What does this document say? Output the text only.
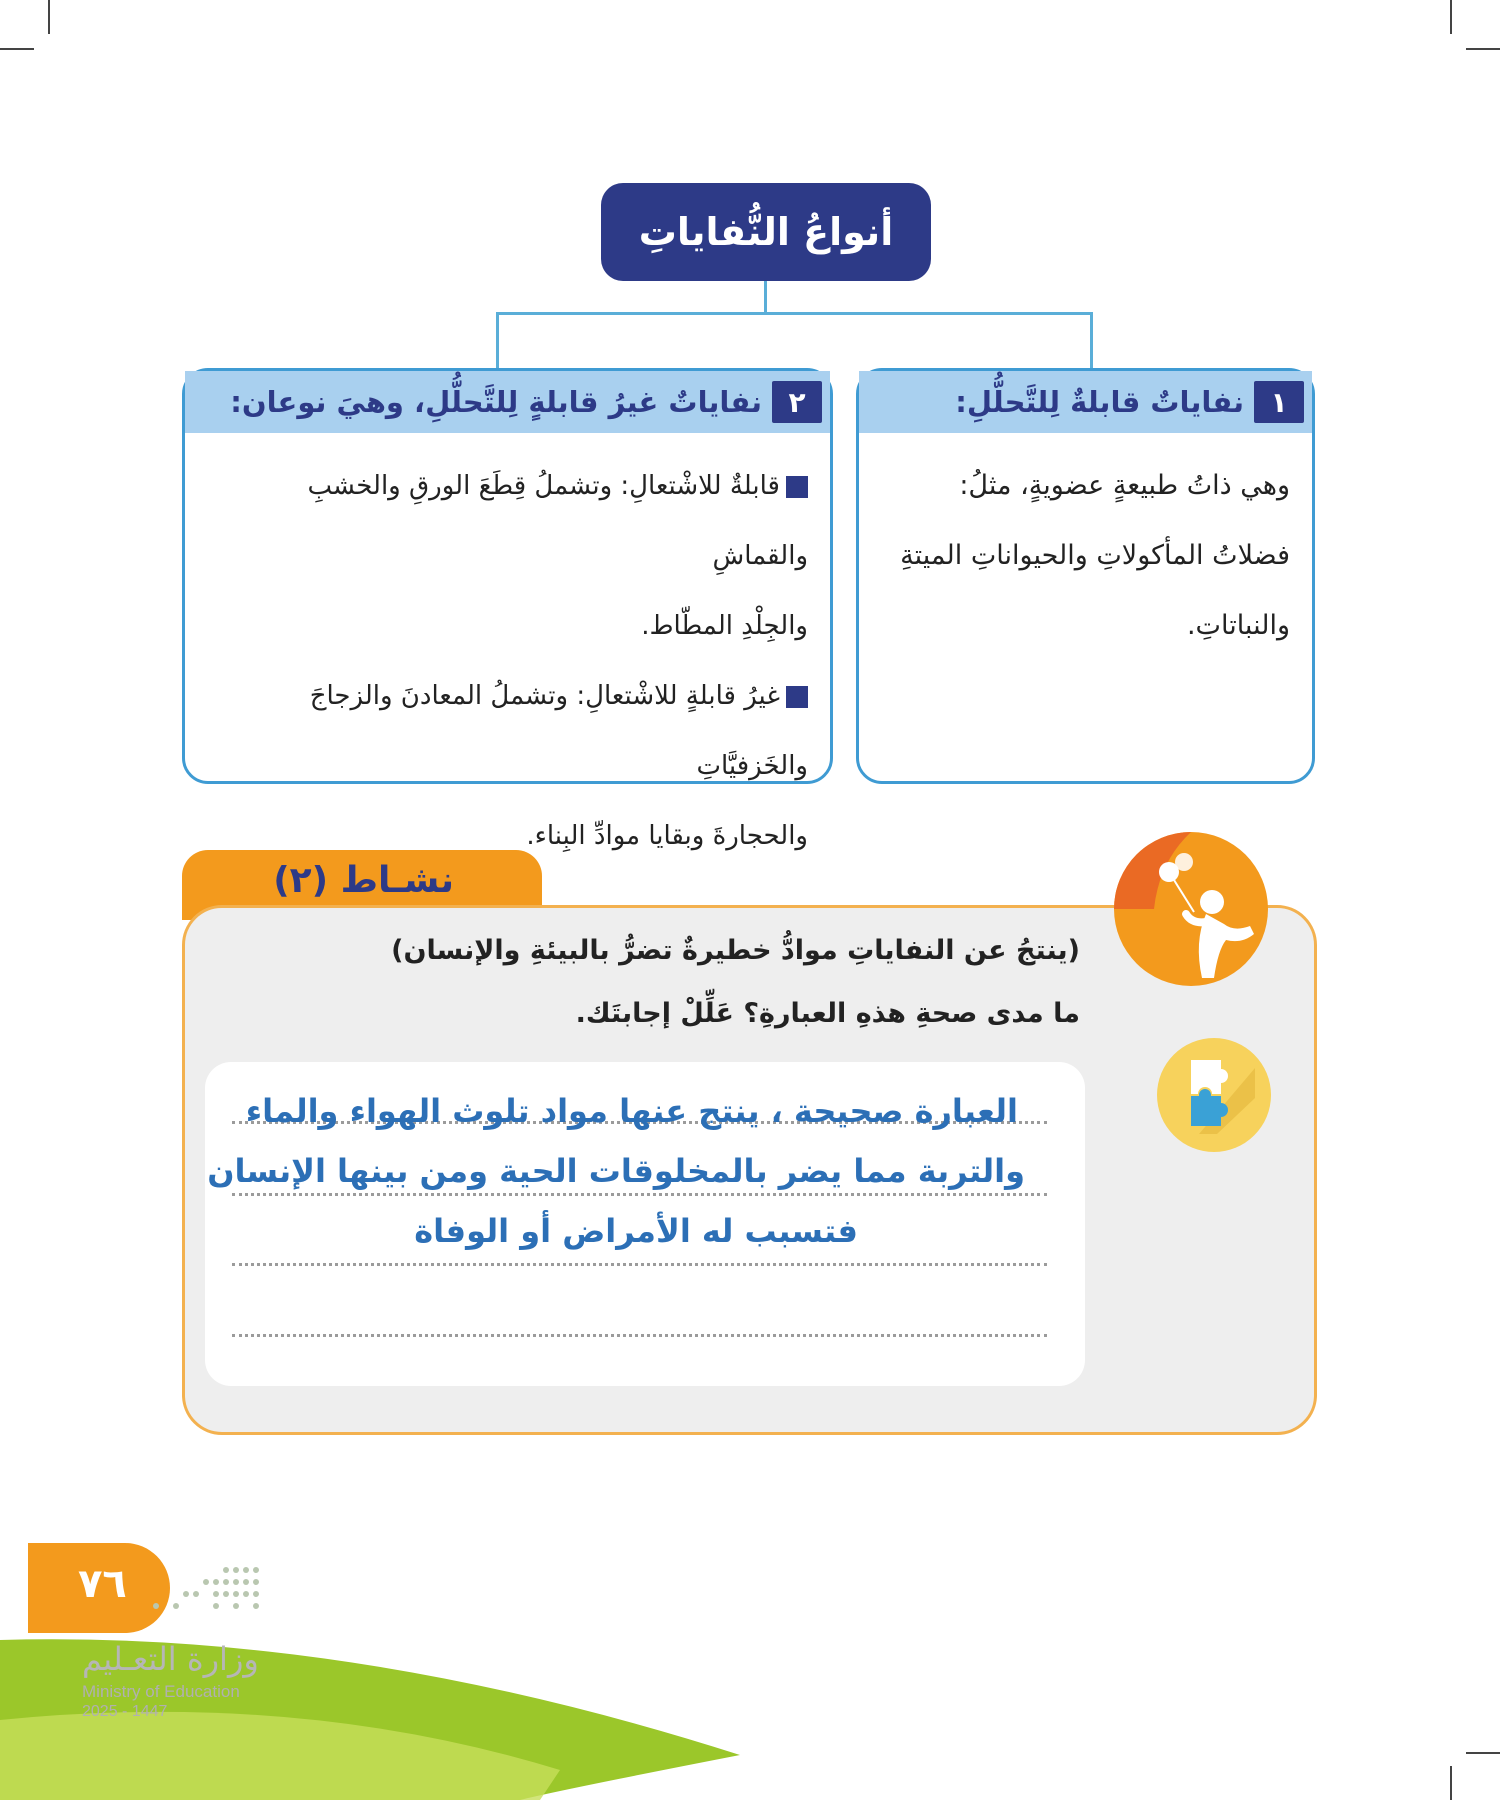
أنواعُ النُّفاياتِ
١
نفاياتٌ قابلةٌ لِلتَّحلُّلِ:

وهي ذاتُ طبيعةٍ عضويةٍ، مثلُ:

فضلاتُ المأكولاتِ والحيواناتِ الميتةِ

والنباتاتِ.

٢
نفاياتٌ غيرُ قابلةٍ لِلتَّحلُّلِ، وهيَ نوعان:

قابلةٌ للاشْتعالِ: وتشملُ قِطَعَ الورقِ والخشبِ والقماشِ

والجِلْدِ المطّاط.

غيرُ قابلةٍ للاشْتعالِ: وتشملُ المعادنَ والزجاجَ والخَزفيَّاتِ

والحجارةَ وبقايا موادِّ البِناء.

نشـاط (٢)
(ينتجُ عن النفاياتِ موادُّ خطيرةٌ تضرُّ بالبيئةِ والإنسان)
ما مدى صحةِ هذهِ العبارةِ؟ عَلِّلْ إجابتَك.
العبارة صحيحة ، ينتج عنها مواد تلوث الهواء والماء
والتربة مما يضر بالمخلوقات الحية ومن بينها الإنسان
فتسبب له الأمراض أو الوفاة
٧٦
وزارة التعـليم
Ministry of Education
2025 - 1447
